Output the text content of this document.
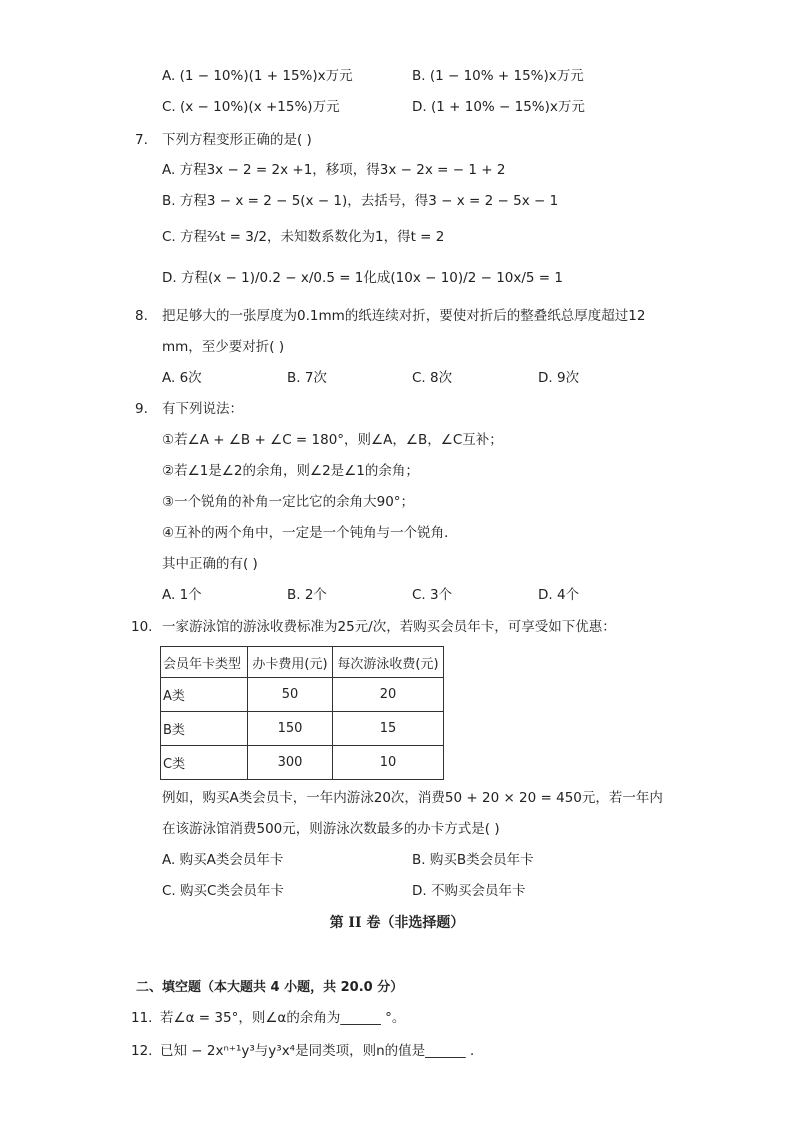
A. (1 − 10%)(1 + 15%)x万元	B. (1 − 10% + 15%)x万元
C. (x − 10%)(x +15%)万元	D. (1 + 10% − 15%)x万元
7. 下列方程变形正确的是( )
A. 方程3x − 2 = 2x +1，移项，得3x − 2x = − 1 + 2
B. 方程3 − x = 2 − 5(x − 1)，去括号，得3 − x = 2 − 5x − 1
C. 方程⅔t = 3/2，未知数系数化为1，得t = 2
D. 方程(x − 1)/0.2 − x/0.5 = 1化成(10x − 10)/2 − 10x/5 = 1
8. 把足够大的一张厚度为0.1mm的纸连续对折，要使对折后的整叠纸总厚度超过12
mm，至少要对折( )
A. 6次	B. 7次	C. 8次	D. 9次
9. 有下列说法：
①若∠A + ∠B + ∠C = 180°，则∠A，∠B，∠C互补；
②若∠1是∠2的余角，则∠2是∠1的余角；
③一个锐角的补角一定比它的余角大90°；
④互补的两个角中，一定是一个钝角与一个锐角．
其中正确的有( )
A. 1个	B. 2个	C. 3个	D. 4个
10. 一家游泳馆的游泳收费标准为25元/次，若购买会员年卡，可享受如下优惠：
会员年卡类型	办卡费用(元)	每次游泳收费(元)
A类	50	20
B类	150	15
C类	300	10
例如，购买A类会员卡，一年内游泳20次，消费50 + 20 × 20 = 450元，若一年内
在该游泳馆消费500元，则游泳次数最多的办卡方式是( )
A. 购买A类会员年卡	B. 购买B类会员年卡
C. 购买C类会员年卡	D. 不购买会员年卡
第 II 卷（非选择题）
二、填空题（本大题共 4 小题，共 20.0 分）
11. 若∠α = 35°，则∠α的余角为______ °。
12. 已知 − 2xⁿ⁺¹y³与y³x⁴是同类项，则n的值是______ ．
